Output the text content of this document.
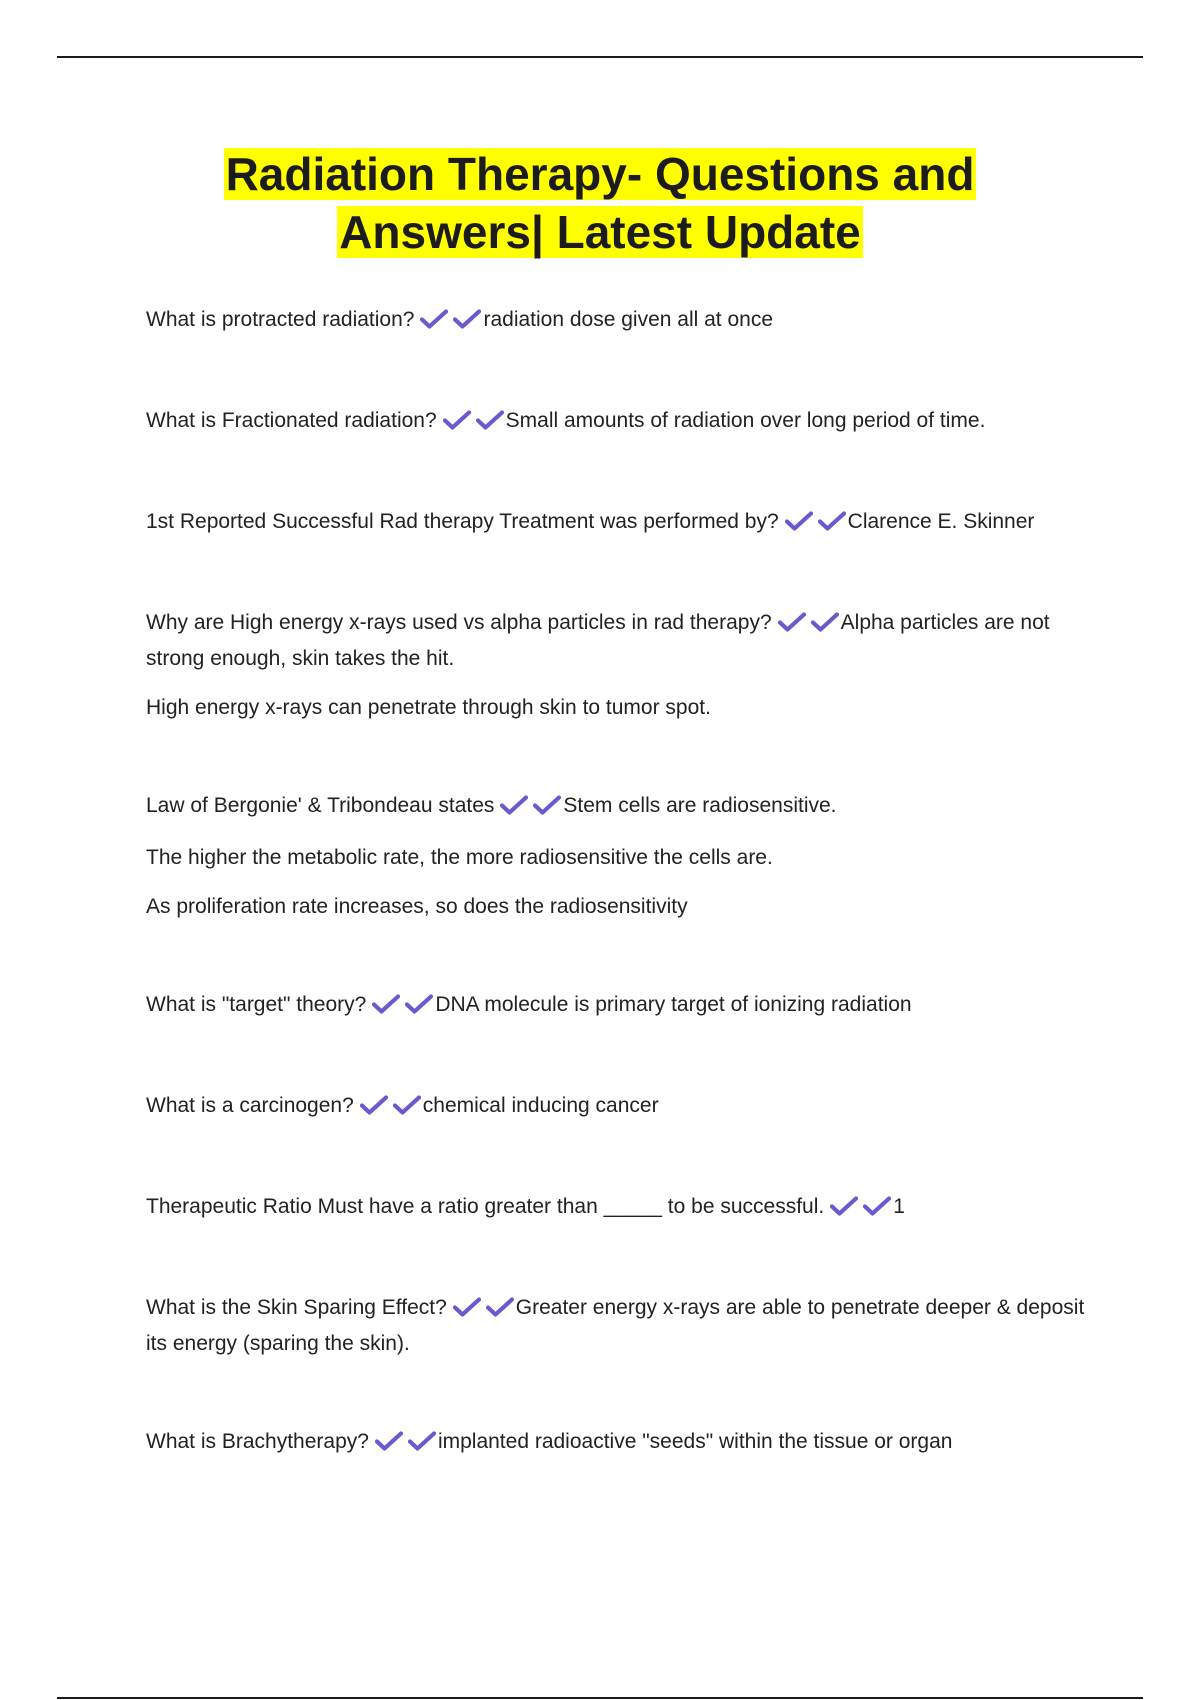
Radiation Therapy- Questions and
Answers| Latest Update

What is protracted radiation?	radiation dose given all at once

What is Fractionated radiation?	Small amounts of radiation over long period of time.

1st Reported Successful Rad therapy Treatment was performed by?	Clarence E. Skinner

Why are High energy x-rays used vs alpha particles in rad therapy?	Alpha particles are not strong enough, skin takes the hit.

High energy x-rays can penetrate through skin to tumor spot.

Law of Bergonie' & Tribondeau states	Stem cells are radiosensitive.

The higher the metabolic rate, the more radiosensitive the cells are.

As proliferation rate increases, so does the radiosensitivity

What is "target" theory?	DNA molecule is primary target of ionizing radiation

What is a carcinogen?	chemical inducing cancer

Therapeutic Ratio Must have a ratio greater than _____ to be successful.	1

What is the Skin Sparing Effect?	Greater energy x-rays are able to penetrate deeper & deposit its energy (sparing the skin).

What is Brachytherapy?	implanted radioactive "seeds" within the tissue or organ
